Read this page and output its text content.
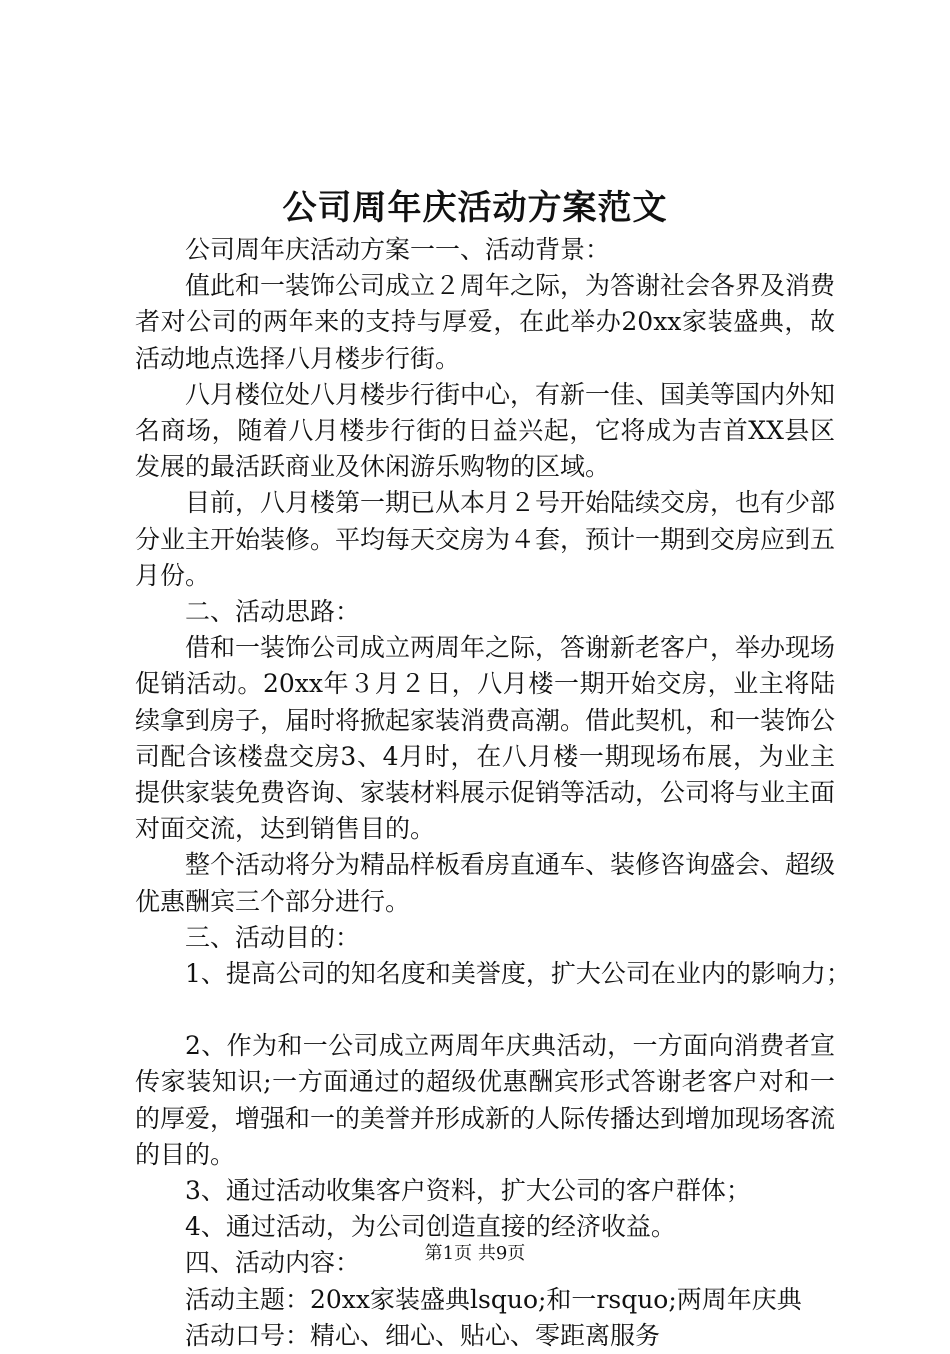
公司周年庆活动方案范文

公司周年庆活动方案一一、活动背景：

值此和一装饰公司成立２周年之际，为答谢社会各界及消费者对公司的两年来的支持与厚爱，在此举办20xx家装盛典，故活动地点选择八月楼步行街。

八月楼位处八月楼步行街中心，有新一佳、国美等国内外知名商场，随着八月楼步行街的日益兴起，它将成为吉首XX县区发展的最活跃商业及休闲游乐购物的区域。

目前，八月楼第一期已从本月２号开始陆续交房，也有少部分业主开始装修。平均每天交房为４套，预计一期到交房应到五月份。

二、活动思路：

借和一装饰公司成立两周年之际，答谢新老客户，举办现场促销活动。20xx年３月２日，八月楼一期开始交房，业主将陆续拿到房子，届时将掀起家装消费高潮。借此契机，和一装饰公司配合该楼盘交房3、4月时，在八月楼一期现场布展，为业主提供家装免费咨询、家装材料展示促销等活动，公司将与业主面对面交流，达到销售目的。

整个活动将分为精品样板看房直通车、装修咨询盛会、超级优惠酬宾三个部分进行。

三、活动目的：

1、提高公司的知名度和美誉度，扩大公司在业内的影响力；

2、作为和一公司成立两周年庆典活动，一方面向消费者宣传家装知识;一方面通过的超级优惠酬宾形式答谢老客户对和一的厚爱，增强和一的美誉并形成新的人际传播达到增加现场客流的目的。

3、通过活动收集客户资料，扩大公司的客户群体；

4、通过活动，为公司创造直接的经济收益。

四、活动内容：

活动主题：20xx家装盛典lsquo;和一rsquo;两周年庆典

活动口号：精心、细心、贴心、零距离服务

第1页 共9页
